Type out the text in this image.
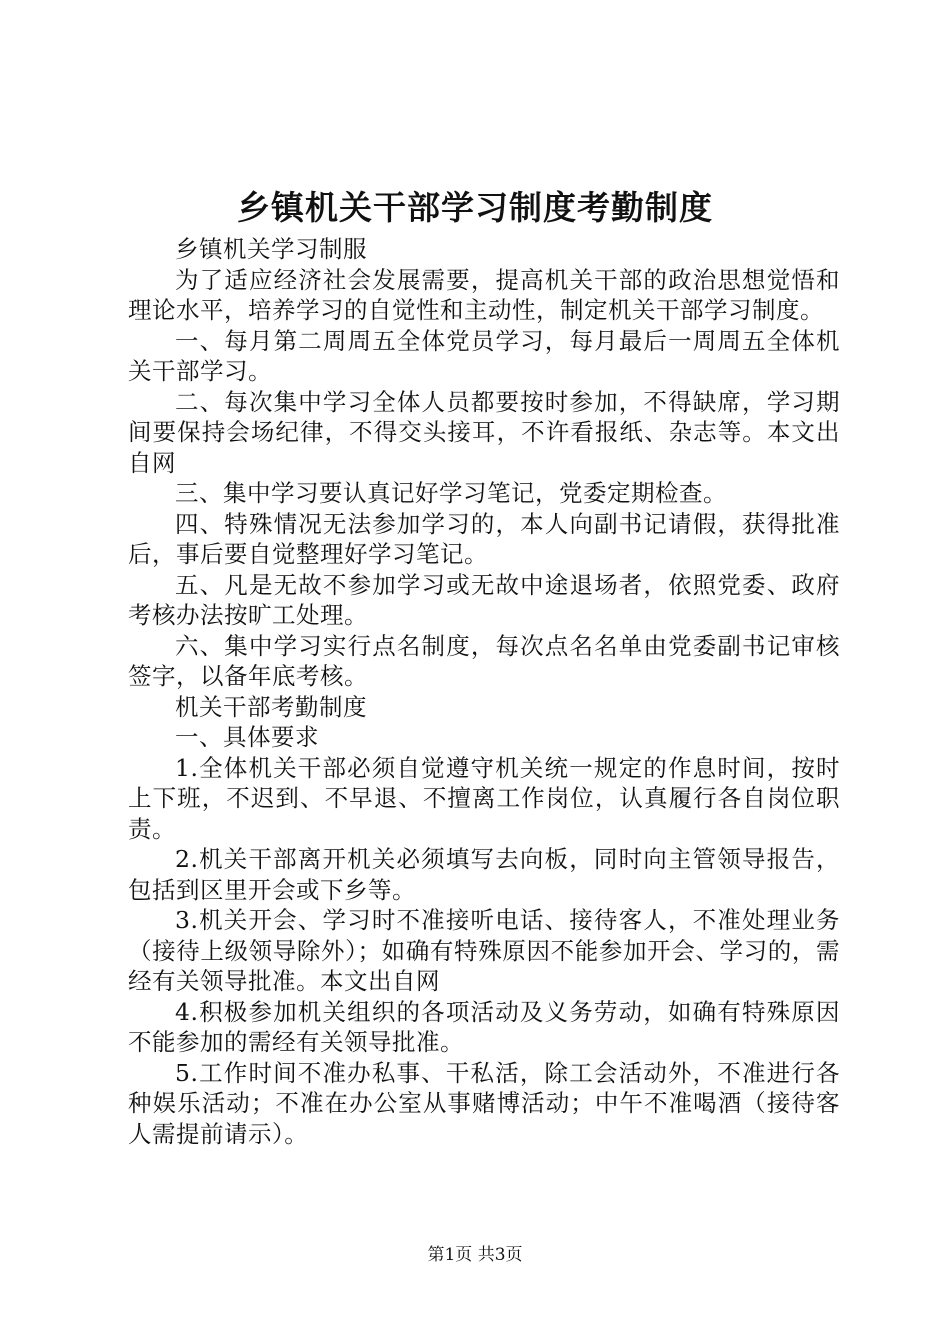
乡镇机关干部学习制度考勤制度

乡镇机关学习制服

为了适应经济社会发展需要，提高机关干部的政治思想觉悟和理论水平，培养学习的自觉性和主动性，制定机关干部学习制度。

一、每月第二周周五全体党员学习，每月最后一周周五全体机关干部学习。

二、每次集中学习全体人员都要按时参加，不得缺席，学习期间要保持会场纪律，不得交头接耳，不许看报纸、杂志等。本文出自网

三、集中学习要认真记好学习笔记，党委定期检查。

四、特殊情况无法参加学习的，本人向副书记请假，获得批准后，事后要自觉整理好学习笔记。

五、凡是无故不参加学习或无故中途退场者，依照党委、政府考核办法按旷工处理。

六、集中学习实行点名制度，每次点名名单由党委副书记审核签字，以备年底考核。

机关干部考勤制度

一、具体要求

1.全体机关干部必须自觉遵守机关统一规定的作息时间，按时上下班，不迟到、不早退、不擅离工作岗位，认真履行各自岗位职责。

2.机关干部离开机关必须填写去向板，同时向主管领导报告，包括到区里开会或下乡等。

3.机关开会、学习时不准接听电话、接待客人，不准处理业务（接待上级领导除外）；如确有特殊原因不能参加开会、学习的，需经有关领导批准。本文出自网

4.积极参加机关组织的各项活动及义务劳动，如确有特殊原因不能参加的需经有关领导批准。

5.工作时间不准办私事、干私活，除工会活动外，不准进行各种娱乐活动；不准在办公室从事赌博活动；中午不准喝酒（接待客人需提前请示）。

第1页 共3页
